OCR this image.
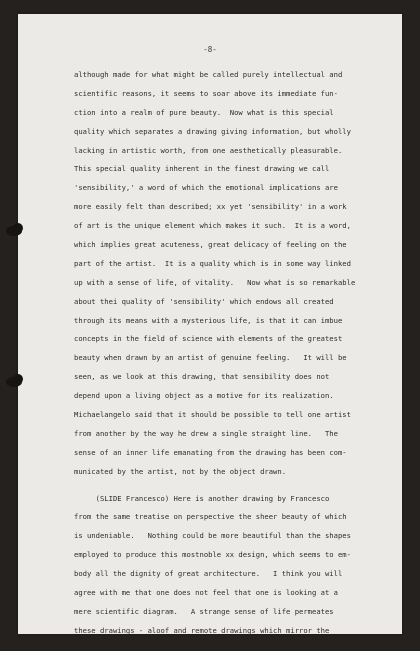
-8-
although made for what might be called purely intellectual and
scientific reasons, it seems to soar above its immediate fun-
ction into a realm of pure beauty.  Now what is this special
quality which separates a drawing giving information, but wholly
lacking in artistic worth, from one aesthetically pleasurable.
This special quality inherent in the finest drawing we call
'sensibility,' a word of which the emotional implications are
more easily felt than described; xx yet 'sensibility' in a work
of art is the unique element which makes it such.  It is a word,
which implies great acuteness, great delicacy of feeling on the
part of the artist.  It is a quality which is in some way linked
up with a sense of life, of vitality.   Now what is so remarkable
about thei quality of 'sensibility' which endows all created
through its means with a mysterious life, is that it can imbue
concepts in the field of science with elements of the greatest
beauty when drawn by an artist of genuine feeling.   It will be
seen, as we look at this drawing, that sensibility does not
depend upon a living object as a motive for its realization.
Michaelangelo said that it should be possible to tell one artist
from another by the way he drew a single straight line.   The
sense of an inner life emanating from the drawing has been com-
municated by the artist, not by the object drawn.
(SLIDE Francesco) Here is another drawing by Francesco
from the same treatise on perspective the sheer beauty of which
is undeniable.   Nothing could be more beautiful than the shapes
employed to produce this mostnoble xx design, which seems to em-
body all the dignity of great architecture.   I think you will
agree with me that one does not feel that one is looking at a
mere scientific diagram.   A strange sense of life permeates
these drawings - aloof and remote drawings which mirror the
